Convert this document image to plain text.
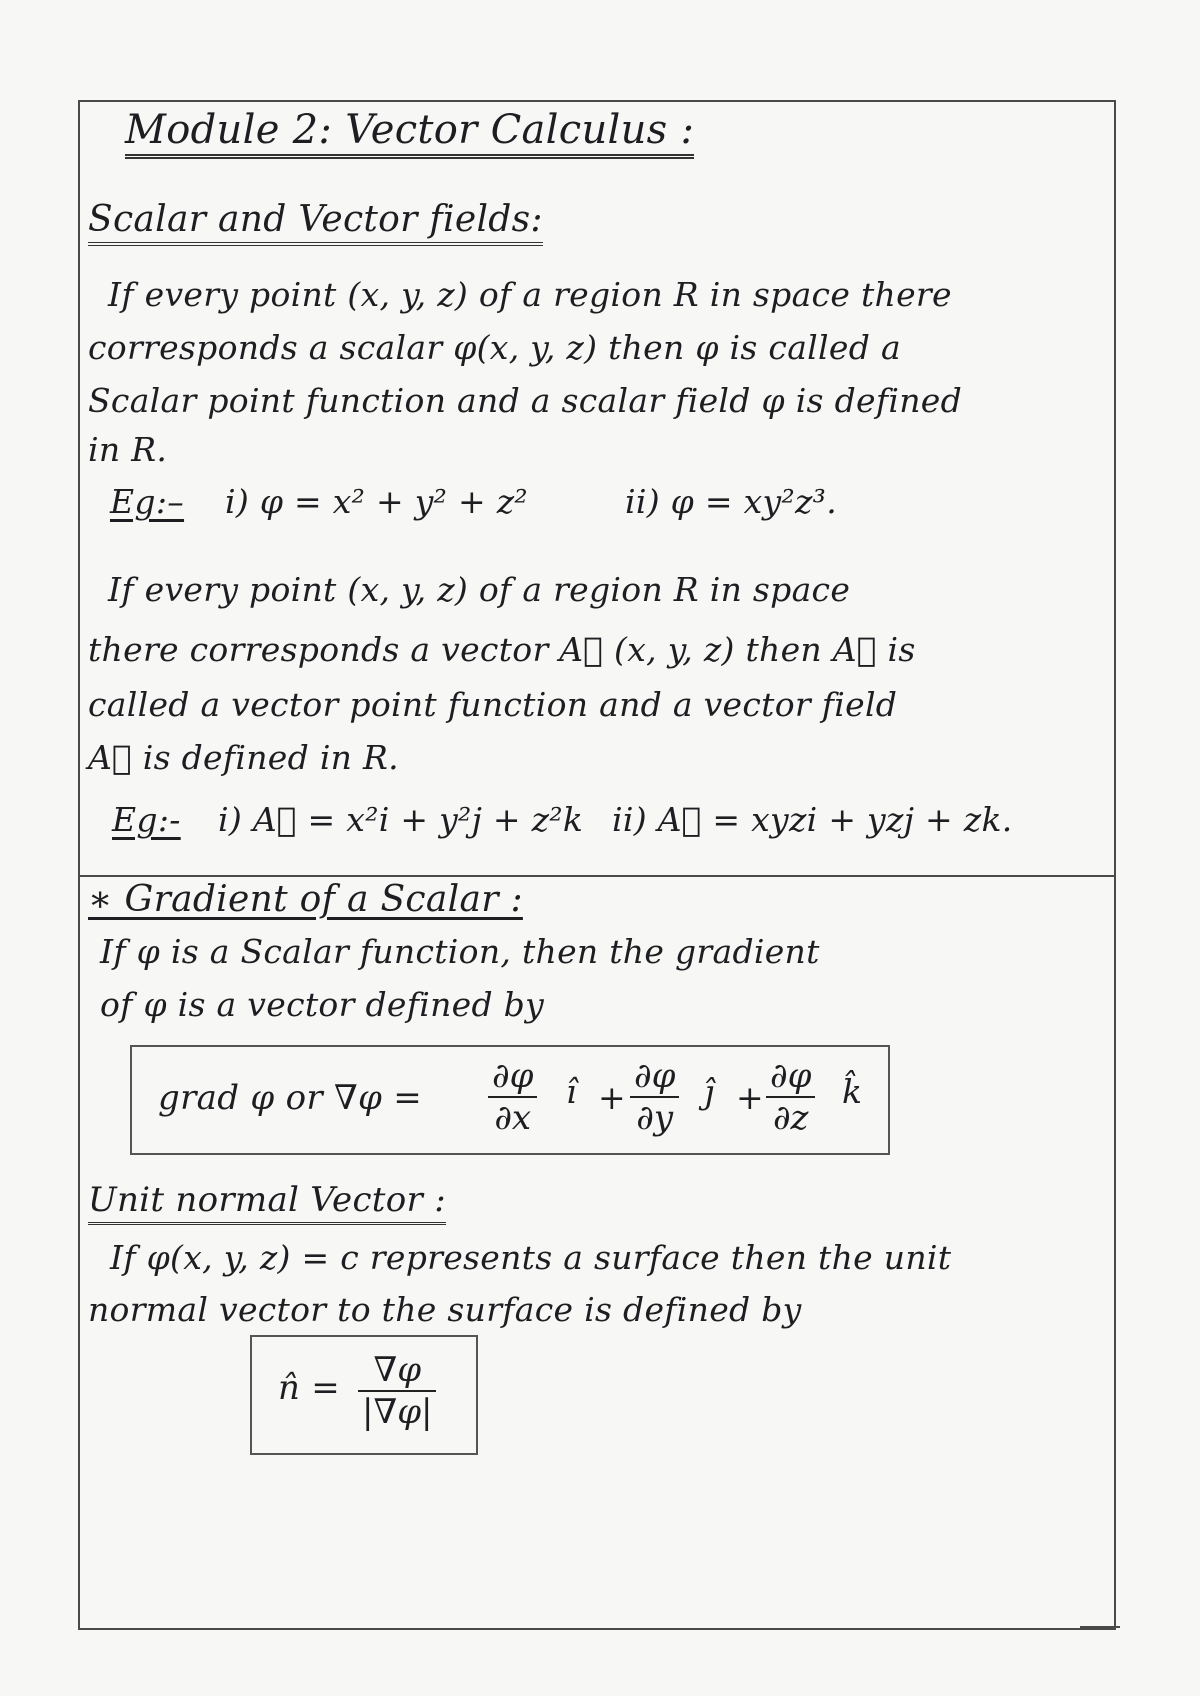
Module 2: Vector Calculus :
Scalar and Vector fields:
If every point (x, y, z) of a region R in space there
corresponds a scalar φ(x, y, z) then φ is called a
Scalar point function and a scalar field φ is defined
in R.
Eg:– i) φ = x² + y² + z²	ii) φ = xy²z³.
If every point (x, y, z) of a region R in space
there corresponds a vector A⃗ (x, y, z) then A⃗ is
called a vector point function and a vector field
A⃗ is defined in R.
Eg:- i) A⃗ = x²i + y²j + z²k ii) A⃗ = xyzi + yzj + zk.
∗ Gradient of a Scalar :
If φ is a Scalar function, then the gradient
of φ is a vector defined by
grad φ or $\nabla\varphi = \frac{\partial\varphi}{\partial x}$ î + $\frac{\partial\varphi}{\partial y}$ ĵ + $\frac{\partial\varphi}{\partial z}$ k̂
Unit normal Vector :
If φ(x, y, z) = c represents a surface then the unit
normal vector to the surface is defined by
n̂ = $\frac{\nabla\varphi}{|\nabla\varphi|}$
